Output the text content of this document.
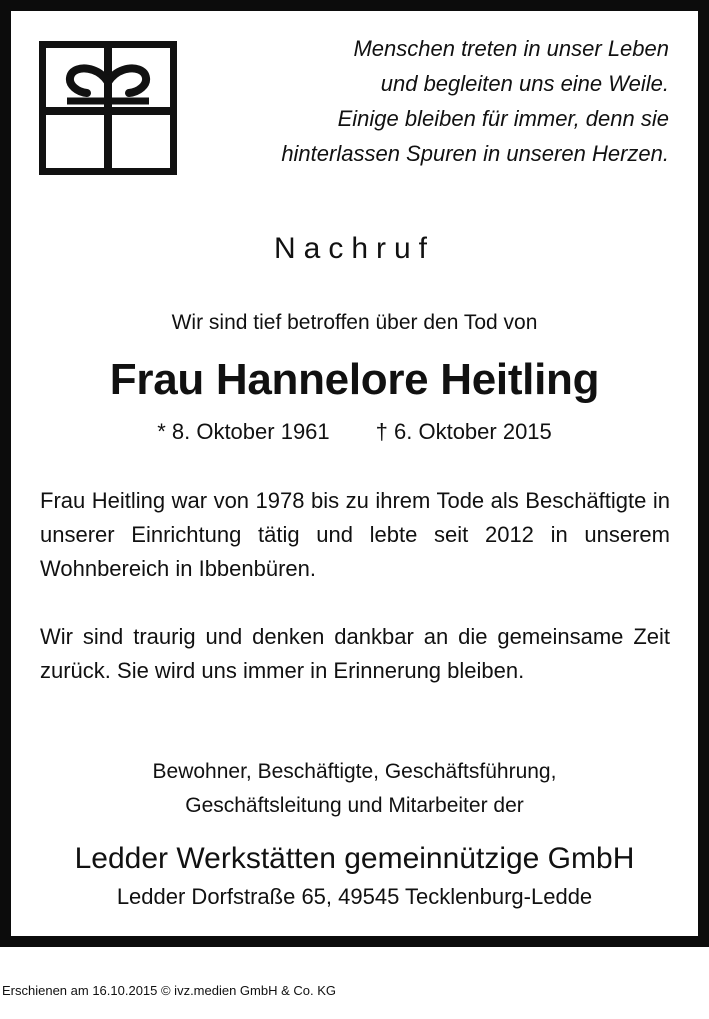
Menschen treten in unser Leben
und begleiten uns eine Weile.
Einige bleiben für immer, denn sie
hinterlassen Spuren in unseren Herzen.
Nachruf
Wir sind tief betroffen über den Tod von
Frau Hannelore Heitling
* 8. Oktober 1961 † 6. Oktober 2015
Frau Heitling war von 1978 bis zu ihrem Tode als Beschäftigte in unserer Einrichtung tätig und lebte seit 2012 in unserem Wohnbereich in Ibbenbüren.
Wir sind traurig und denken dankbar an die gemeinsame Zeit zurück. Sie wird uns immer in Erinnerung bleiben.
Bewohner, Beschäftigte, Geschäftsführung,
Geschäftsleitung und Mitarbeiter der
Ledder Werkstätten gemeinnützige GmbH
Ledder Dorfstraße 65, 49545 Tecklenburg-Ledde
Erschienen am 16.10.2015 © ivz.medien GmbH & Co. KG
